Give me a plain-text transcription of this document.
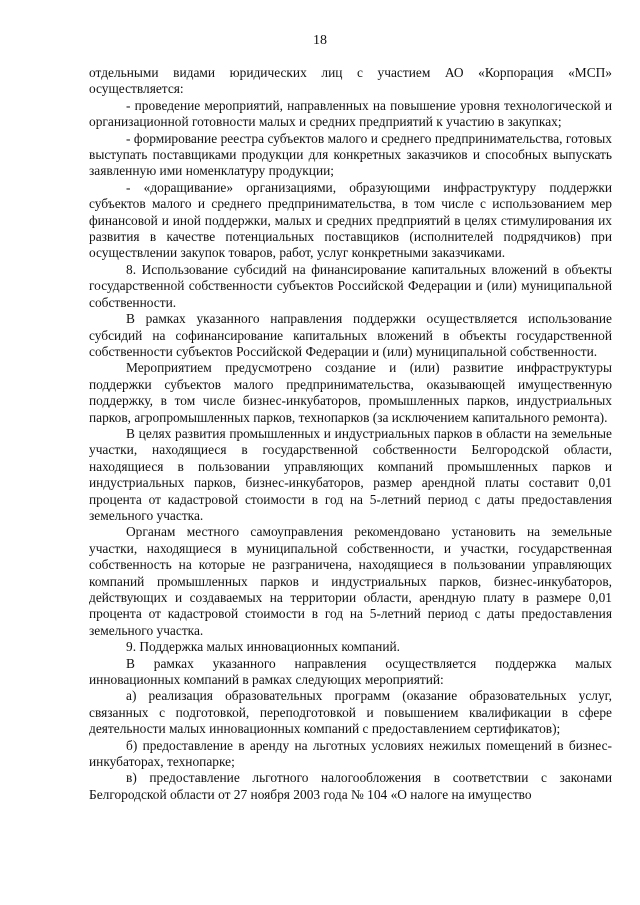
18

отдельными видами юридических лиц с участием АО «Корпорация «МСП» осуществляется:

- проведение мероприятий, направленных на повышение уровня технологической и организационной готовности малых и средних предприятий к участию в закупках;

- формирование реестра субъектов малого и среднего предпринимательства, готовых выступать поставщиками продукции для конкретных заказчиков и способных выпускать заявленную ими номенклатуру продукции;

- «доращивание» организациями, образующими инфраструктуру поддержки субъектов малого и среднего предпринимательства, в том числе с использованием мер финансовой и иной поддержки, малых и средних предприятий в целях стимулирования их развития в качестве потенциальных поставщиков (исполнителей подрядчиков) при осуществлении закупок товаров, работ, услуг конкретными заказчиками.

8. Использование субсидий на финансирование капитальных вложений в объекты государственной собственности субъектов Российской Федерации и (или) муниципальной собственности.

В рамках указанного направления поддержки осуществляется использование субсидий на софинансирование капитальных вложений в объекты государственной собственности субъектов Российской Федерации и (или) муниципальной собственности.

Мероприятием предусмотрено создание и (или) развитие инфраструктуры поддержки субъектов малого предпринимательства, оказывающей имущественную поддержку, в том числе бизнес-инкубаторов, промышленных парков, индустриальных парков, агропромышленных парков, технопарков (за исключением капитального ремонта).

В целях развития промышленных и индустриальных парков в области на земельные участки, находящиеся в государственной собственности Белгородской области, находящиеся в пользовании управляющих компаний промышленных парков и индустриальных парков, бизнес-инкубаторов, размер арендной платы составит 0,01 процента от кадастровой стоимости в год на 5-летний период с даты предоставления земельного участка.

Органам местного самоуправления рекомендовано установить на земельные участки, находящиеся в муниципальной собственности, и участки, государственная собственность на которые не разграничена, находящиеся в пользовании управляющих компаний промышленных парков и индустриальных парков, бизнес-инкубаторов, действующих и создаваемых на территории области, арендную плату в размере 0,01 процента от кадастровой стоимости в год на 5-летний период с даты предоставления земельного участка.

9. Поддержка малых инновационных компаний.

В рамках указанного направления осуществляется поддержка малых инновационных компаний в рамках следующих мероприятий:

а) реализация образовательных программ (оказание образовательных услуг, связанных с подготовкой, переподготовкой и повышением квалификации в сфере деятельности малых инновационных компаний с предоставлением сертификатов);

б) предоставление в аренду на льготных условиях нежилых помещений в бизнес-инкубаторах, технопарке;

в) предоставление льготного налогообложения в соответствии с законами Белгородской области от 27 ноября 2003 года № 104 «О налоге на имущество
